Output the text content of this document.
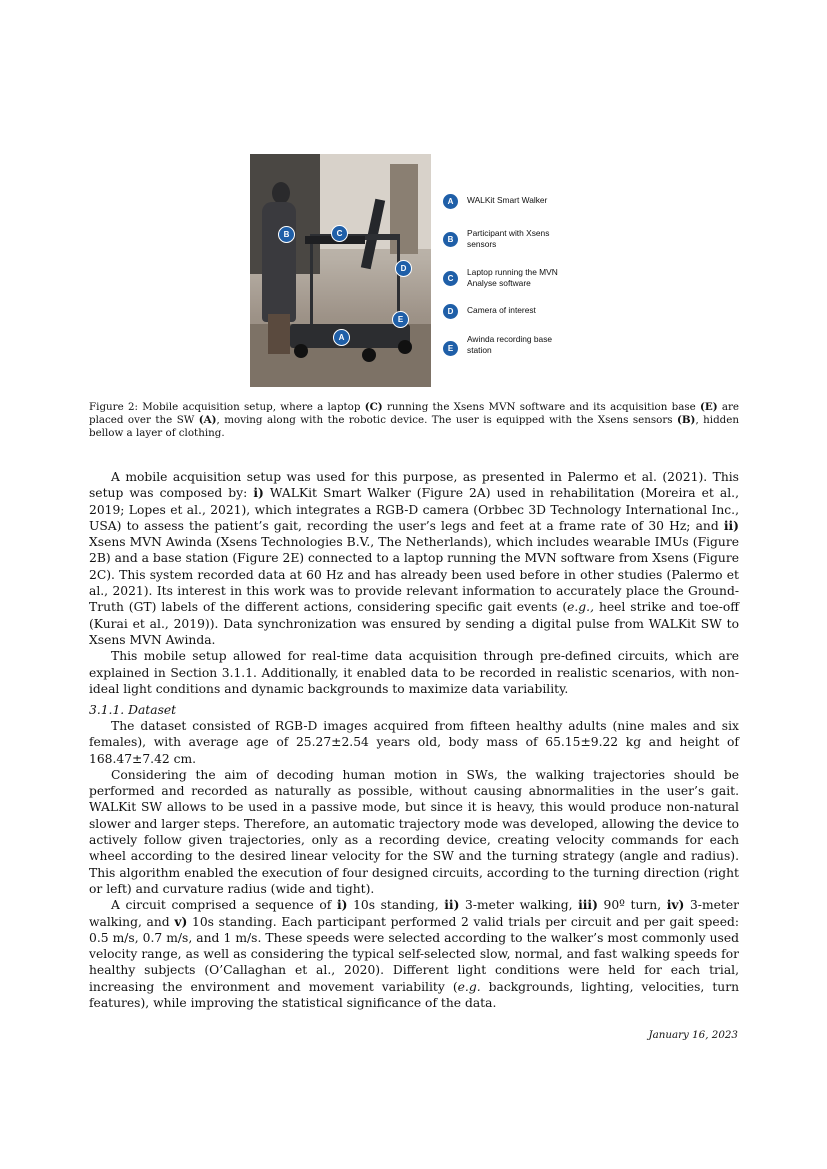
B	C
D
E
A
A	WALKit Smart Walker
B
Participant with Xsens sensors
C
Laptop running the MVN Analyse software
D	Camera of interest
E
Awinda recording base station
Figure 2: Mobile acquisition setup, where a laptop (C) running the Xsens MVN software and its acquisition base (E) are placed over the SW (A), moving along with the robotic device. The user is equipped with the Xsens sensors (B), hidden bellow a layer of clothing.

A mobile acquisition setup was used for this purpose, as presented in Palermo et al. (2021). This setup was composed by: i) WALKit Smart Walker (Figure 2A) used in rehabilitation (Moreira et al., 2019; Lopes et al., 2021), which integrates a RGB-D camera (Orbbec 3D Technology International Inc., USA) to assess the patient’s gait, recording the user’s legs and feet at a frame rate of 30 Hz; and ii) Xsens MVN Awinda (Xsens Technologies B.V., The Netherlands), which includes wearable IMUs (Figure 2B) and a base station (Figure 2E) connected to a laptop running the MVN software from Xsens (Figure 2C). This system recorded data at 60 Hz and has already been used before in other studies (Palermo et al., 2021). Its interest in this work was to provide relevant information to accurately place the Ground-Truth (GT) labels of the different actions, considering specific gait events (e.g., heel strike and toe-off (Kurai et al., 2019)). Data synchronization was ensured by sending a digital pulse from WALKit SW to Xsens MVN Awinda.

This mobile setup allowed for real-time data acquisition through pre-defined circuits, which are explained in Section 3.1.1. Additionally, it enabled data to be recorded in realistic scenarios, with non-ideal light conditions and dynamic backgrounds to maximize data variability.

3.1.1. Dataset

The dataset consisted of RGB-D images acquired from fifteen healthy adults (nine males and six females), with average age of 25.27±2.54 years old, body mass of 65.15±9.22 kg and height of 168.47±7.42 cm.

Considering the aim of decoding human motion in SWs, the walking trajectories should be performed and recorded as naturally as possible, without causing abnormalities in the user’s gait. WALKit SW allows to be used in a passive mode, but since it is heavy, this would produce non-natural slower and larger steps. Therefore, an automatic trajectory mode was developed, allowing the device to actively follow given trajectories, only as a recording device, creating velocity commands for each wheel according to the desired linear velocity for the SW and the turning strategy (angle and radius). This algorithm enabled the execution of four designed circuits, according to the turning direction (right or left) and curvature radius (wide and tight).

A circuit comprised a sequence of i) 10s standing, ii) 3-meter walking, iii) 90º turn, iv) 3-meter walking, and v) 10s standing. Each participant performed 2 valid trials per circuit and per gait speed: 0.5 m/s, 0.7 m/s, and 1 m/s. These speeds were selected according to the walker’s most commonly used velocity range, as well as considering the typical self-selected slow, normal, and fast walking speeds for healthy subjects (O’Callaghan et al., 2020). Different light conditions were held for each trial, increasing the environment and movement variability (e.g. backgrounds, lighting, velocities, turn features), while improving the statistical significance of the data.

January 16, 2023
